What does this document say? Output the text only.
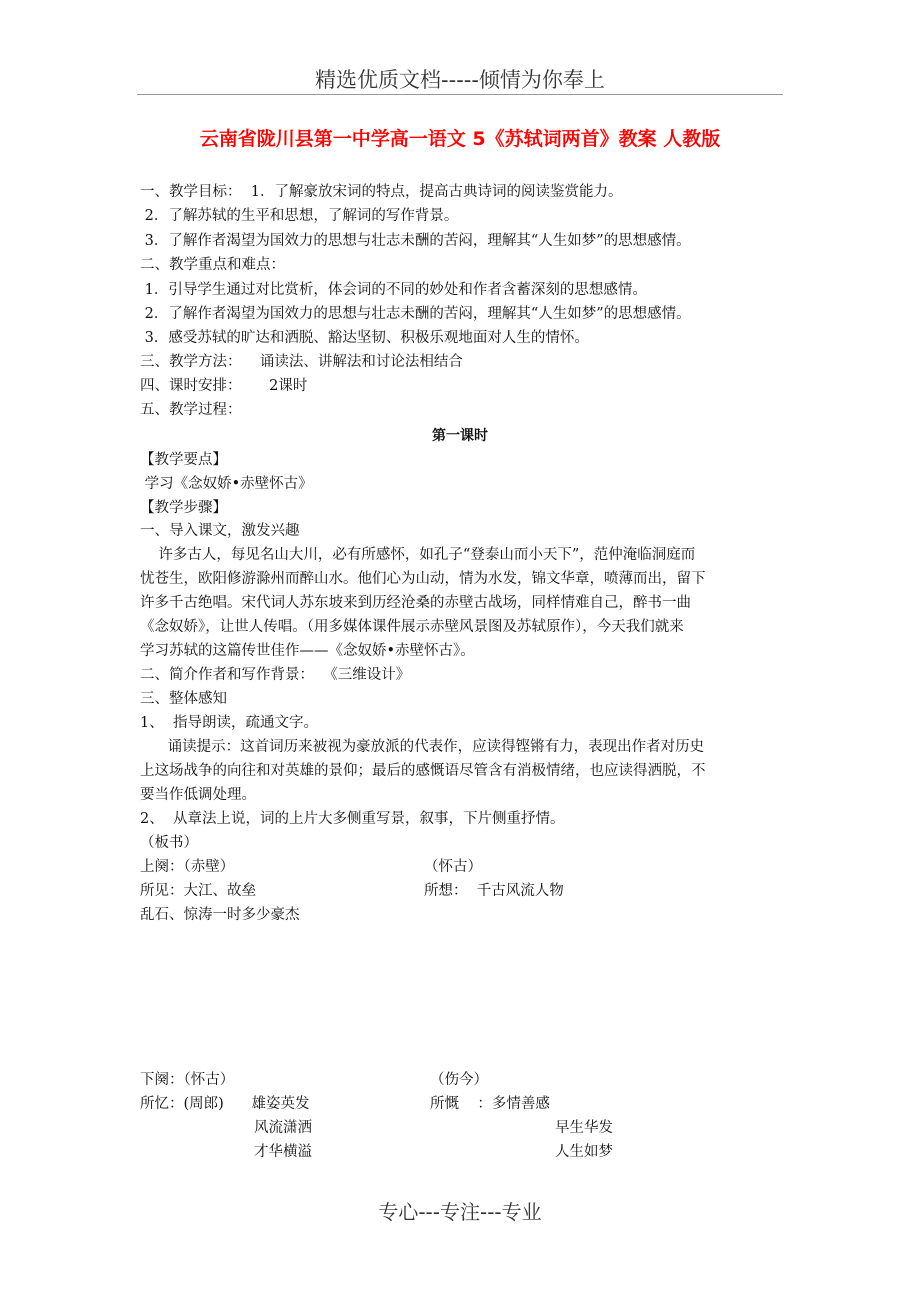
精选优质文档-----倾情为你奉上
云南省陇川县第一中学高一语文 5《苏轼词两首》教案 人教版
一、教学目标：  1．了解豪放宋词的特点，提高古典诗词的阅读鉴赏能力。
2．了解苏轼的生平和思想，了解词的写作背景。
3．了解作者渴望为国效力的思想与壮志未酬的苦闷，理解其“人生如梦”的思想感情。
二、教学重点和难点：
1．引导学生通过对比赏析，体会词的不同的妙处和作者含蓄深刻的思想感情。
2．了解作者渴望为国效力的思想与壮志未酬的苦闷，理解其“人生如梦”的思想感情。
3．感受苏轼的旷达和洒脱、豁达坚韧、积极乐观地面对人生的情怀。
三、教学方法：    诵读法、讲解法和讨论法相结合
四、课时安排：      2课时
五、教学过程：
第一课时
【教学要点】
学习《念奴娇•赤壁怀古》
【教学步骤】
一、导入课文，激发兴趣
许多古人，每见名山大川，必有所感怀，如孔子“登泰山而小天下”，范仲淹临洞庭而
忧苍生，欧阳修游滁州而醉山水。他们心为山动，情为水发，锦文华章，喷薄而出，留下
许多千古绝唱。宋代词人苏东坡来到历经沧桑的赤壁古战场，同样情难自己，醉书一曲
《念奴娇》，让世人传唱。（用多媒体课件展示赤壁风景图及苏轼原作），今天我们就来
学习苏轼的这篇传世佳作——《念奴娇•赤壁怀古》。
二、简介作者和写作背景：  《三维设计》
三、整体感知
1、  指导朗读，疏通文字。
诵读提示：这首词历来被视为豪放派的代表作，应读得铿锵有力，表现出作者对历史
上这场战争的向往和对英雄的景仰；最后的感慨语尽管含有消极情绪，也应读得洒脱，不
要当作低调处理。
2、  从章法上说，词的上片大多侧重写景，叙事，下片侧重抒情。
（板书）
上阕：（赤壁）
所见：大江、故垒
乱石、惊涛一时多少豪杰
（怀古）
所想：  千古风流人物
下阕：（怀古）
所忆：(周郎)      雄姿英发
风流潇洒
才华横溢
（伤今）
所慨    ：多情善感
早生华发
人生如梦
专心---专注---专业
